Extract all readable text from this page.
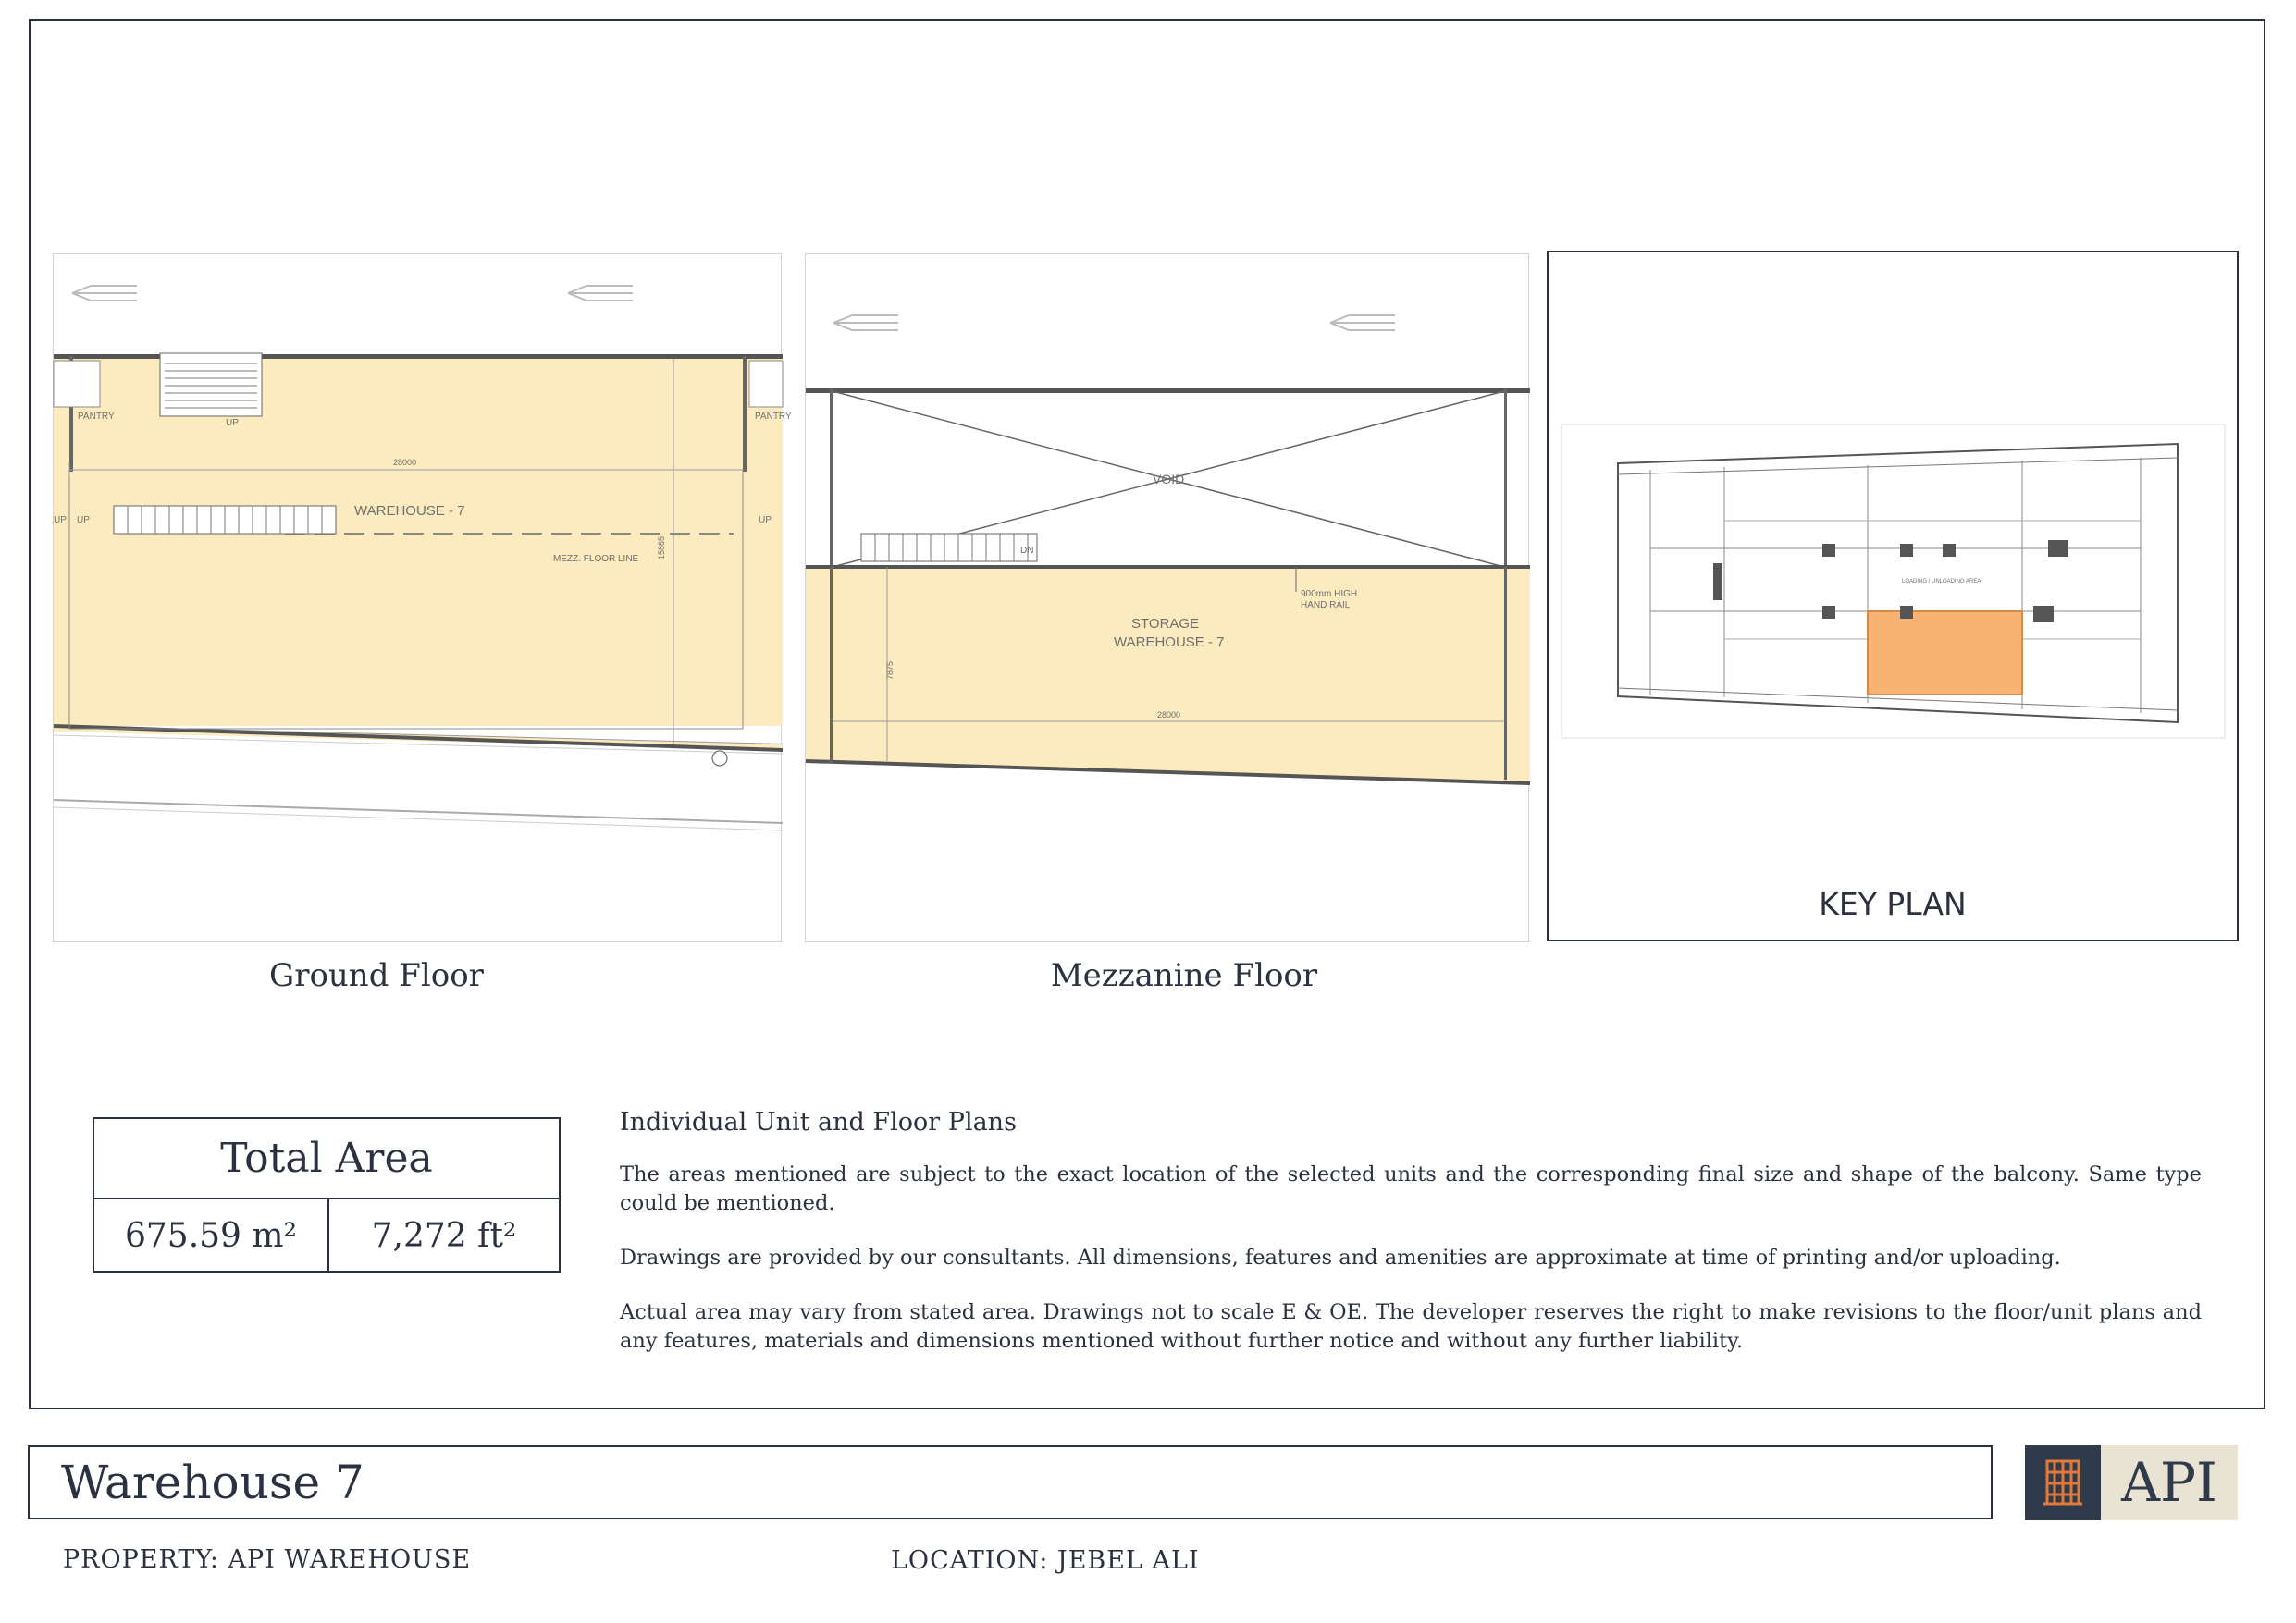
WAREHOUSE - 7
PANTRY	PANTRY
UP
UP UP	UP
28000
MEZZ. FLOOR LINE 15865
Ground Floor
VOID
STORAGE
WAREHOUSE - 7
900mm HIGH
HAND RAIL
DN
28000
7875
Mezzanine Floor
LOADING / UNLOADING AREA
KEY PLAN
Total Area
675.59 m²	7,272 ft²
Individual Unit and Floor Plans

The areas mentioned are subject to the exact location of the selected units and the corresponding final size and shape of the balcony. Same type could be mentioned.

Drawings are provided by our consultants. All dimensions, features and amenities are approximate at time of printing and/or uploading.

Actual area may vary from stated area. Drawings not to scale E & OE. The developer reserves the right to make revisions to the floor/unit plans and any features, materials and dimensions mentioned without further notice and without any further liability.

Warehouse 7	API
PROPERTY: API WAREHOUSE	LOCATION: JEBEL ALI
